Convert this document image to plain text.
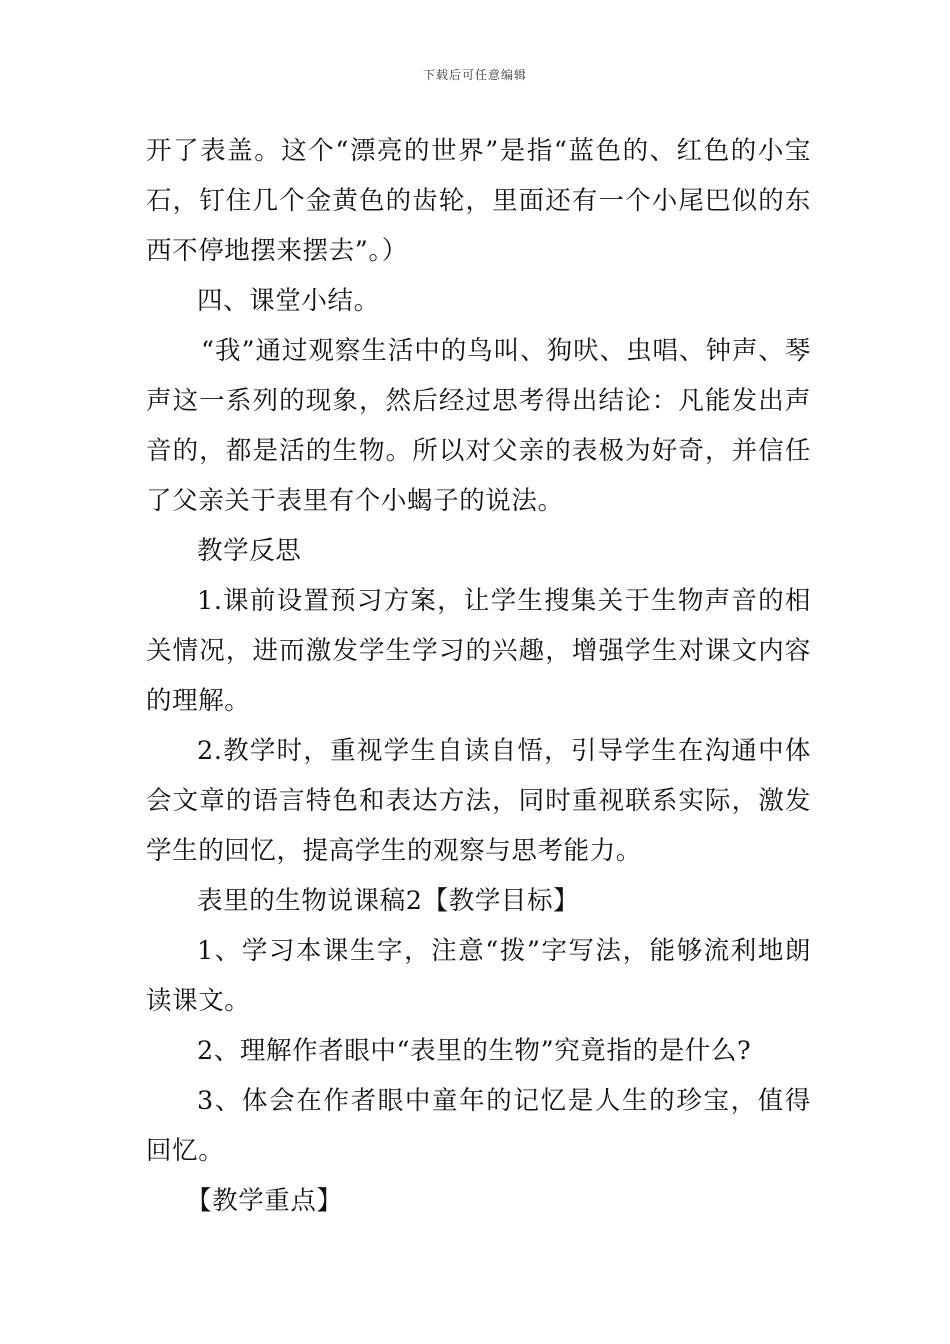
下载后可任意编辑

开了表盖。这个“漂亮的世界”是指“蓝色的、红色的小宝石，钉住几个金黄色的齿轮，里面还有一个小尾巴似的东西不停地摆来摆去”。）

四、课堂小结。

“我”通过观察生活中的鸟叫、狗吠、虫唱、钟声、琴声这一系列的现象，然后经过思考得出结论：凡能发出声音的，都是活的生物。所以对父亲的表极为好奇，并信任了父亲关于表里有个小蝎子的说法。

教学反思

1.课前设置预习方案，让学生搜集关于生物声音的相关情况，进而激发学生学习的兴趣，增强学生对课文内容的理解。

2.教学时，重视学生自读自悟，引导学生在沟通中体会文章的语言特色和表达方法，同时重视联系实际，激发学生的回忆，提高学生的观察与思考能力。

表里的生物说课稿2【教学目标】

1、学习本课生字，注意“拨”字写法，能够流利地朗读课文。

2、理解作者眼中“表里的生物”究竟指的是什么?

3、体会在作者眼中童年的记忆是人生的珍宝，值得回忆。

【教学重点】
